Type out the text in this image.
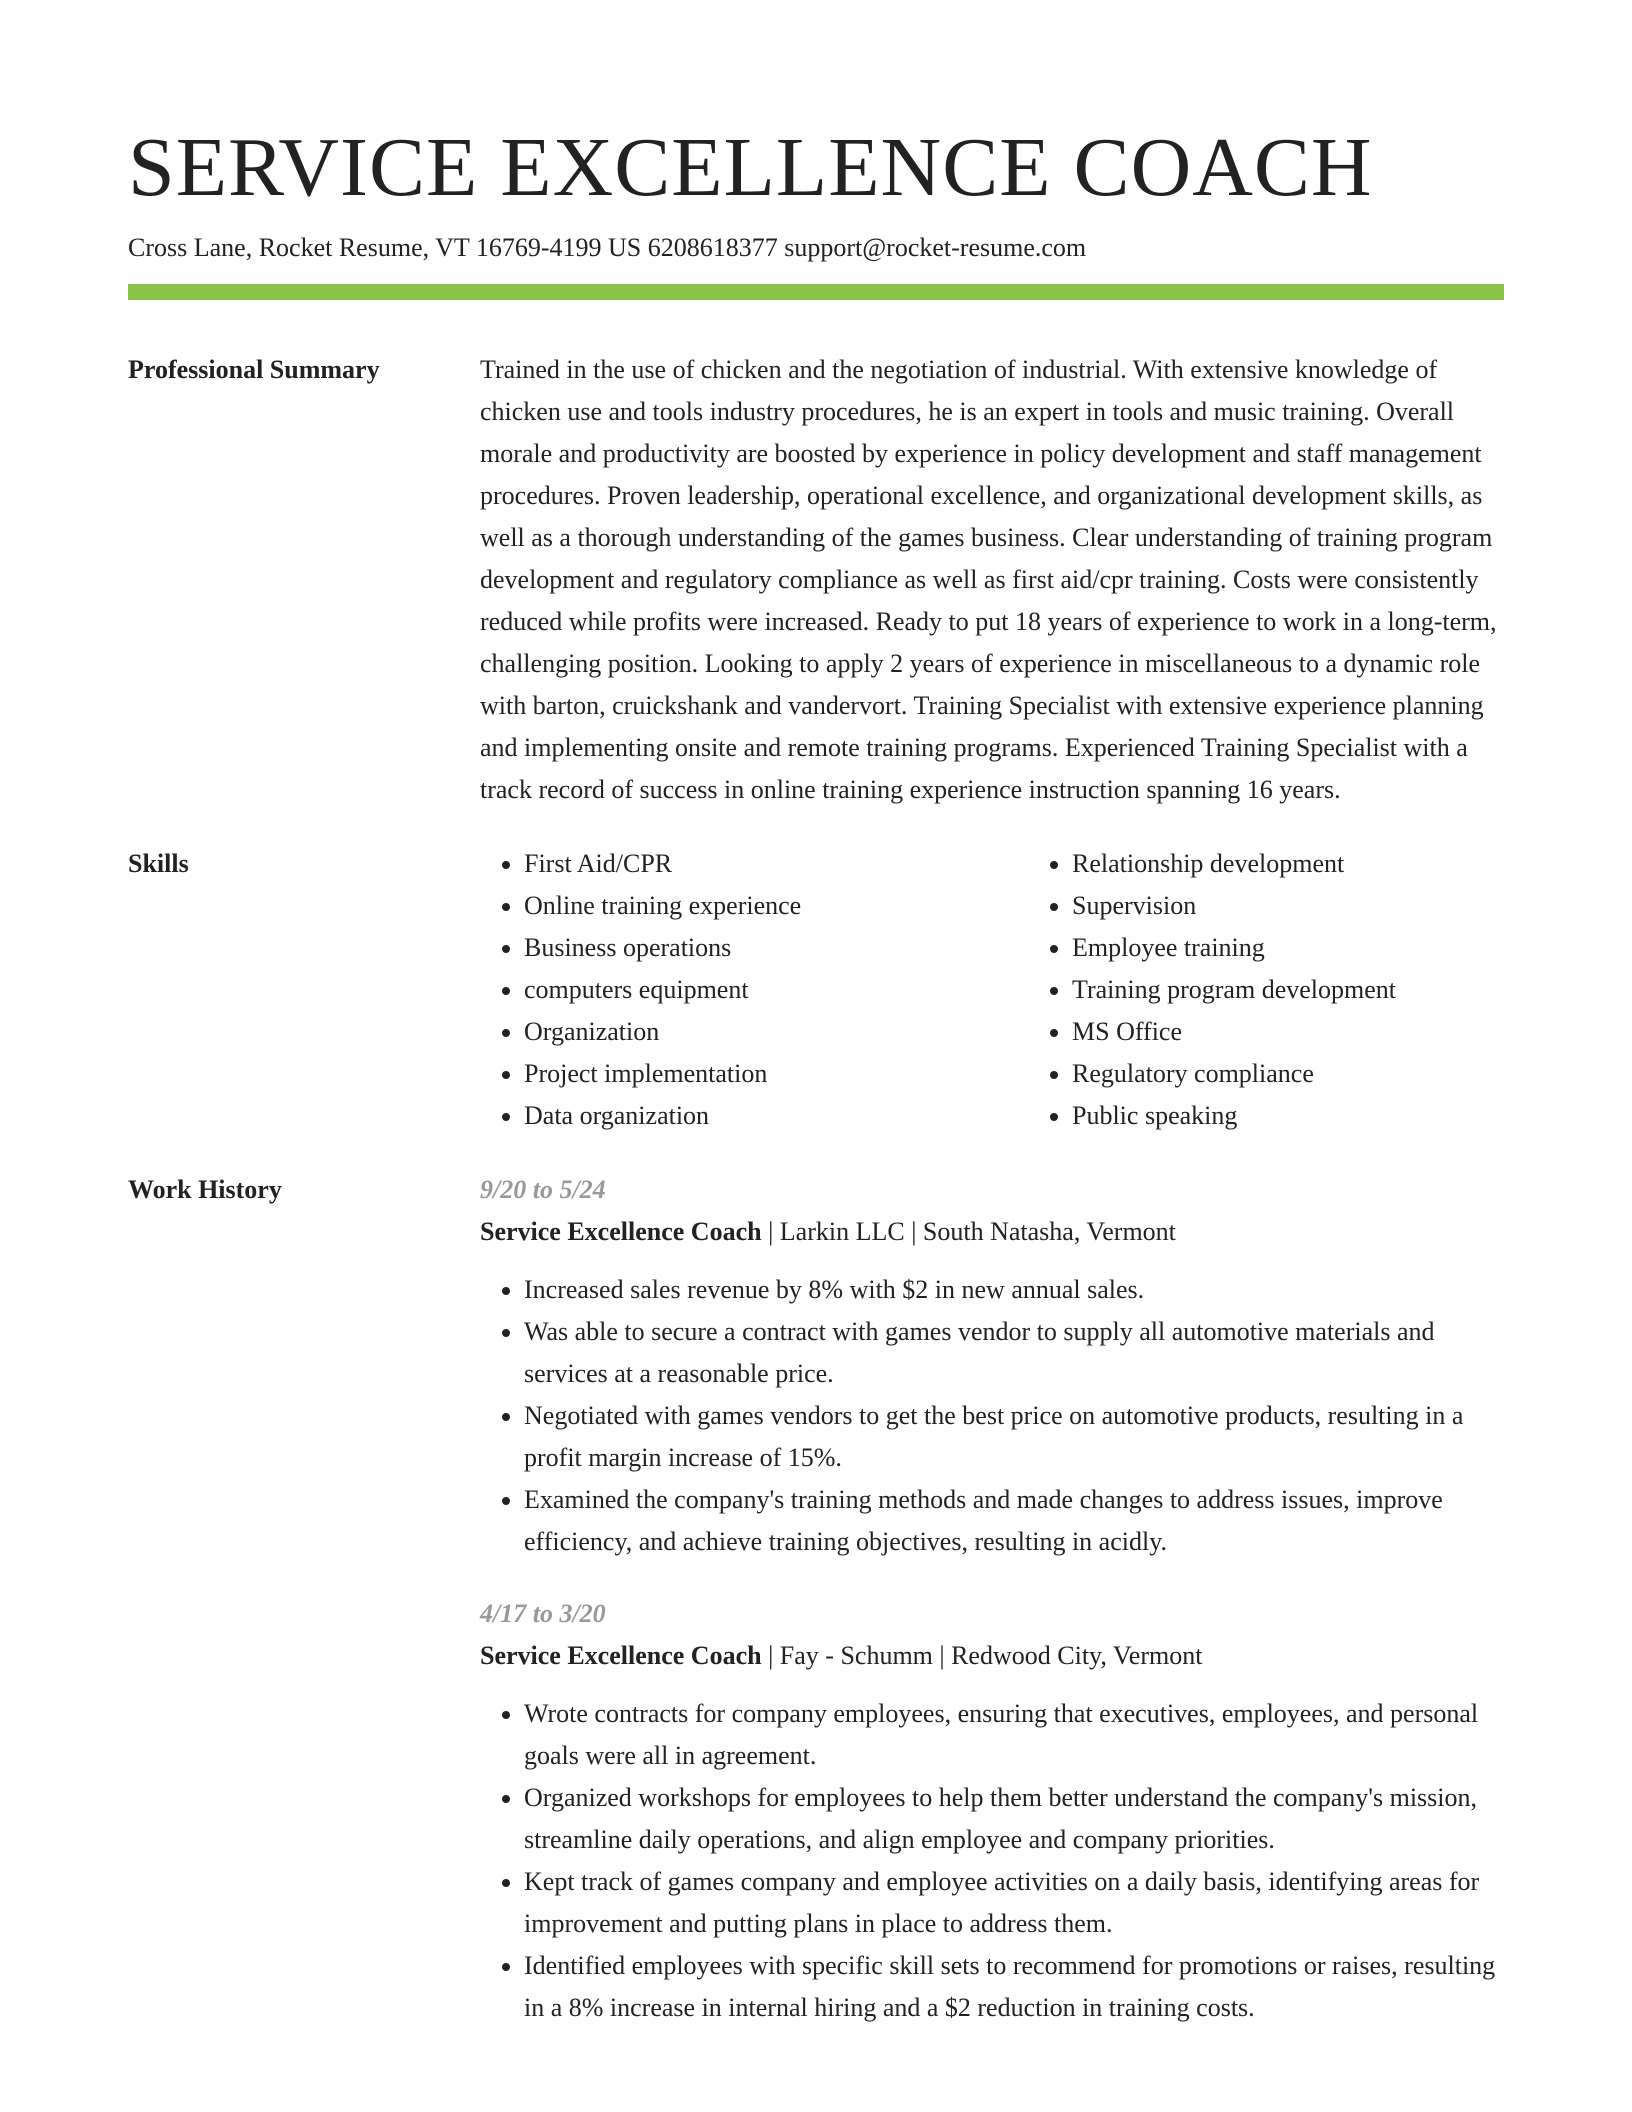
SERVICE EXCELLENCE COACH
Cross Lane, Rocket Resume, VT 16769-4199 US 6208618377 support@rocket-resume.com
Professional Summary	Trained in the use of chicken and the negotiation of industrial. With extensive knowledge of chicken use and tools industry procedures, he is an expert in tools and music training. Overall morale and productivity are boosted by experience in policy development and staff management procedures. Proven leadership, operational excellence, and organizational development skills, as well as a thorough understanding of the games business. Clear understanding of training program development and regulatory compliance as well as first aid/cpr training. Costs were consistently reduced while profits were increased. Ready to put 18 years of experience to work in a long-term, challenging position. Looking to apply 2 years of experience in miscellaneous to a dynamic role with barton, cruickshank and vandervort. Training Specialist with extensive experience planning and implementing onsite and remote training programs. Experienced Training Specialist with a track record of success in online training experience instruction spanning 16 years.
Skills
•	First Aid/CPR
• Online training experience
• Business operations
• computers equipment
• Organization
• Project implementation
• Data organization
• Relationship development
• Supervision
• Employee training
• Training program development
• MS Office
• Regulatory compliance
• Public speaking
Work History	9/20 to 5/24
Service Excellence Coach | Larkin LLC | South Natasha, Vermont
• Increased sales revenue by 8% with $2 in new annual sales.
• Was able to secure a contract with games vendor to supply all automotive materials and services at a reasonable price.
• Negotiated with games vendors to get the best price on automotive products, resulting in a profit margin increase of 15%.
• Examined the company's training methods and made changes to address issues, improve efficiency, and achieve training objectives, resulting in acidly.
4/17 to 3/20
Service Excellence Coach | Fay - Schumm | Redwood City, Vermont
• Wrote contracts for company employees, ensuring that executives, employees, and personal goals were all in agreement.
• Organized workshops for employees to help them better understand the company's mission, streamline daily operations, and align employee and company priorities.
• Kept track of games company and employee activities on a daily basis, identifying areas for improvement and putting plans in place to address them.
• Identified employees with specific skill sets to recommend for promotions or raises, resulting in a 8% increase in internal hiring and a $2 reduction in training costs.
